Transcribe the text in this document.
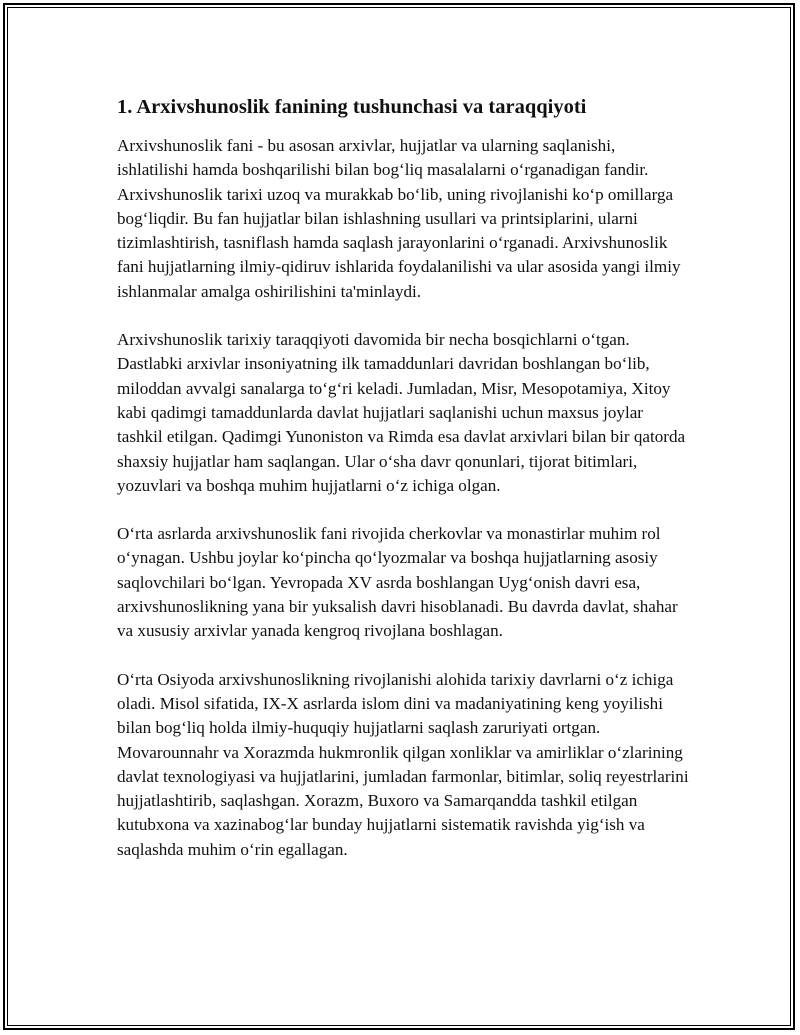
1. Arxivshunoslik fanining tushunchasi va taraqqiyoti

Arxivshunoslik fani - bu asosan arxivlar, hujjatlar va ularning saqlanishi, ishlatilishi hamda boshqarilishi bilan bog‘liq masalalarni o‘rganadigan fandir. Arxivshunoslik tarixi uzoq va murakkab bo‘lib, uning rivojlanishi ko‘p omillarga bog‘liqdir. Bu fan hujjatlar bilan ishlashning usullari va printsiplarini, ularni tizimlashtirish, tasniflash hamda saqlash jarayonlarini o‘rganadi. Arxivshunoslik fani hujjatlarning ilmiy-qidiruv ishlarida foydalanilishi va ular asosida yangi ilmiy ishlanmalar amalga oshirilishini ta'minlaydi.

Arxivshunoslik tarixiy taraqqiyoti davomida bir necha bosqichlarni o‘tgan. Dastlabki arxivlar insoniyatning ilk tamaddunlari davridan boshlangan bo‘lib, miloddan avvalgi sanalarga to‘g‘ri keladi. Jumladan, Misr, Mesopotamiya, Xitoy kabi qadimgi tamaddunlarda davlat hujjatlari saqlanishi uchun maxsus joylar tashkil etilgan. Qadimgi Yunoniston va Rimda esa davlat arxivlari bilan bir qatorda shaxsiy hujjatlar ham saqlangan. Ular o‘sha davr qonunlari, tijorat bitimlari, yozuvlari va boshqa muhim hujjatlarni o‘z ichiga olgan.

O‘rta asrlarda arxivshunoslik fani rivojida cherkovlar va monastirlar muhim rol o‘ynagan. Ushbu joylar ko‘pincha qo‘lyozmalar va boshqa hujjatlarning asosiy saqlovchilari bo‘lgan. Yevropada XV asrda boshlangan Uyg‘onish davri esa, arxivshunoslikning yana bir yuksalish davri hisoblanadi. Bu davrda davlat, shahar va xususiy arxivlar yanada kengroq rivojlana boshlagan.

O‘rta Osiyoda arxivshunoslikning rivojlanishi alohida tarixiy davrlarni o‘z ichiga oladi. Misol sifatida, IX-X asrlarda islom dini va madaniyatining keng yoyilishi bilan bog‘liq holda ilmiy-huquqiy hujjatlarni saqlash zaruriyati ortgan. Movarounnahr va Xorazmda hukmronlik qilgan xonliklar va amirliklar o‘zlarining davlat texnologiyasi va hujjatlarini, jumladan farmonlar, bitimlar, soliq reyestrlarini hujjatlashtirib, saqlashgan. Xorazm, Buxoro va Samarqandda tashkil etilgan kutubxona va xazinabog‘lar bunday hujjatlarni sistematik ravishda yig‘ish va saqlashda muhim o‘rin egallagan.
